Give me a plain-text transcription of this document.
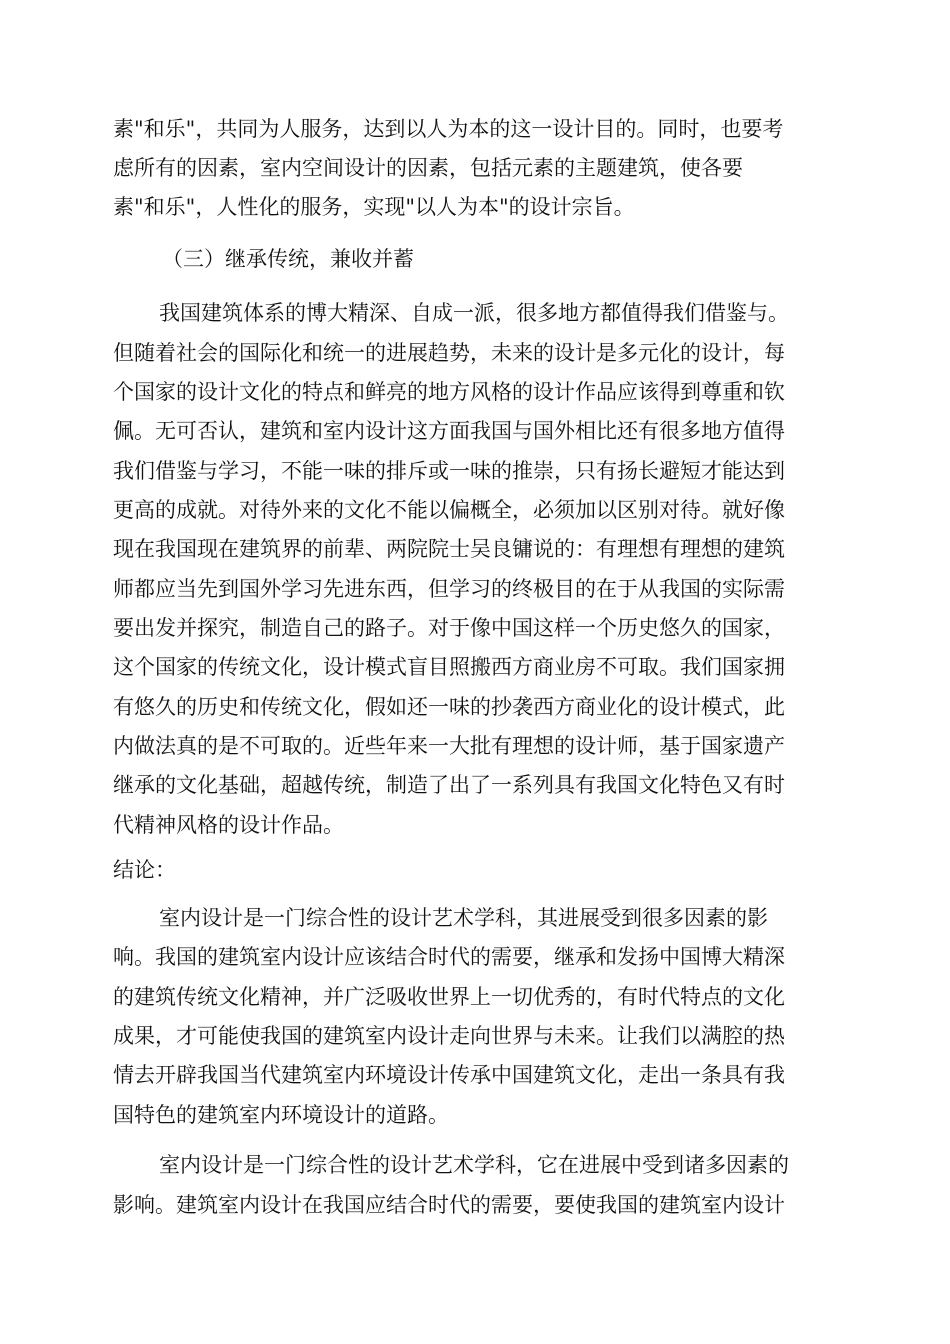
素"和乐"，共同为人服务，达到以人为本的这一设计目的。同时，也要考
虑所有的因素，室内空间设计的因素，包括元素的主题建筑，使各要
素"和乐"，人性化的服务，实现"以人为本"的设计宗旨。
（三）继承传统，兼收并蓄
我国建筑体系的博大精深、自成一派，很多地方都值得我们借鉴与。
但随着社会的国际化和统一的进展趋势，未来的设计是多元化的设计，每
个国家的设计文化的特点和鲜亮的地方风格的设计作品应该得到尊重和钦
佩。无可否认，建筑和室内设计这方面我国与国外相比还有很多地方值得
我们借鉴与学习，不能一味的排斥或一味的推崇，只有扬长避短才能达到
更高的成就。对待外来的文化不能以偏概全，必须加以区别对待。就好像
现在我国现在建筑界的前辈、两院院士吴良镛说的：有理想有理想的建筑
师都应当先到国外学习先进东西，但学习的终极目的在于从我国的实际需
要出发并探究，制造自己的路子。对于像中国这样一个历史悠久的国家，
这个国家的传统文化，设计模式盲目照搬西方商业房不可取。我们国家拥
有悠久的历史和传统文化，假如还一味的抄袭西方商业化的设计模式，此
内做法真的是不可取的。近些年来一大批有理想的设计师，基于国家遗产
继承的文化基础，超越传统，制造了出了一系列具有我国文化特色又有时
代精神风格的设计作品。
结论：
室内设计是一门综合性的设计艺术学科，其进展受到很多因素的影
响。我国的建筑室内设计应该结合时代的需要，继承和发扬中国博大精深
的建筑传统文化精神，并广泛吸收世界上一切优秀的，有时代特点的文化
成果，才可能使我国的建筑室内设计走向世界与未来。让我们以满腔的热
情去开辟我国当代建筑室内环境设计传承中国建筑文化，走出一条具有我
国特色的建筑室内环境设计的道路。
室内设计是一门综合性的设计艺术学科，它在进展中受到诸多因素的
影响。建筑室内设计在我国应结合时代的需要，要使我国的建筑室内设计
